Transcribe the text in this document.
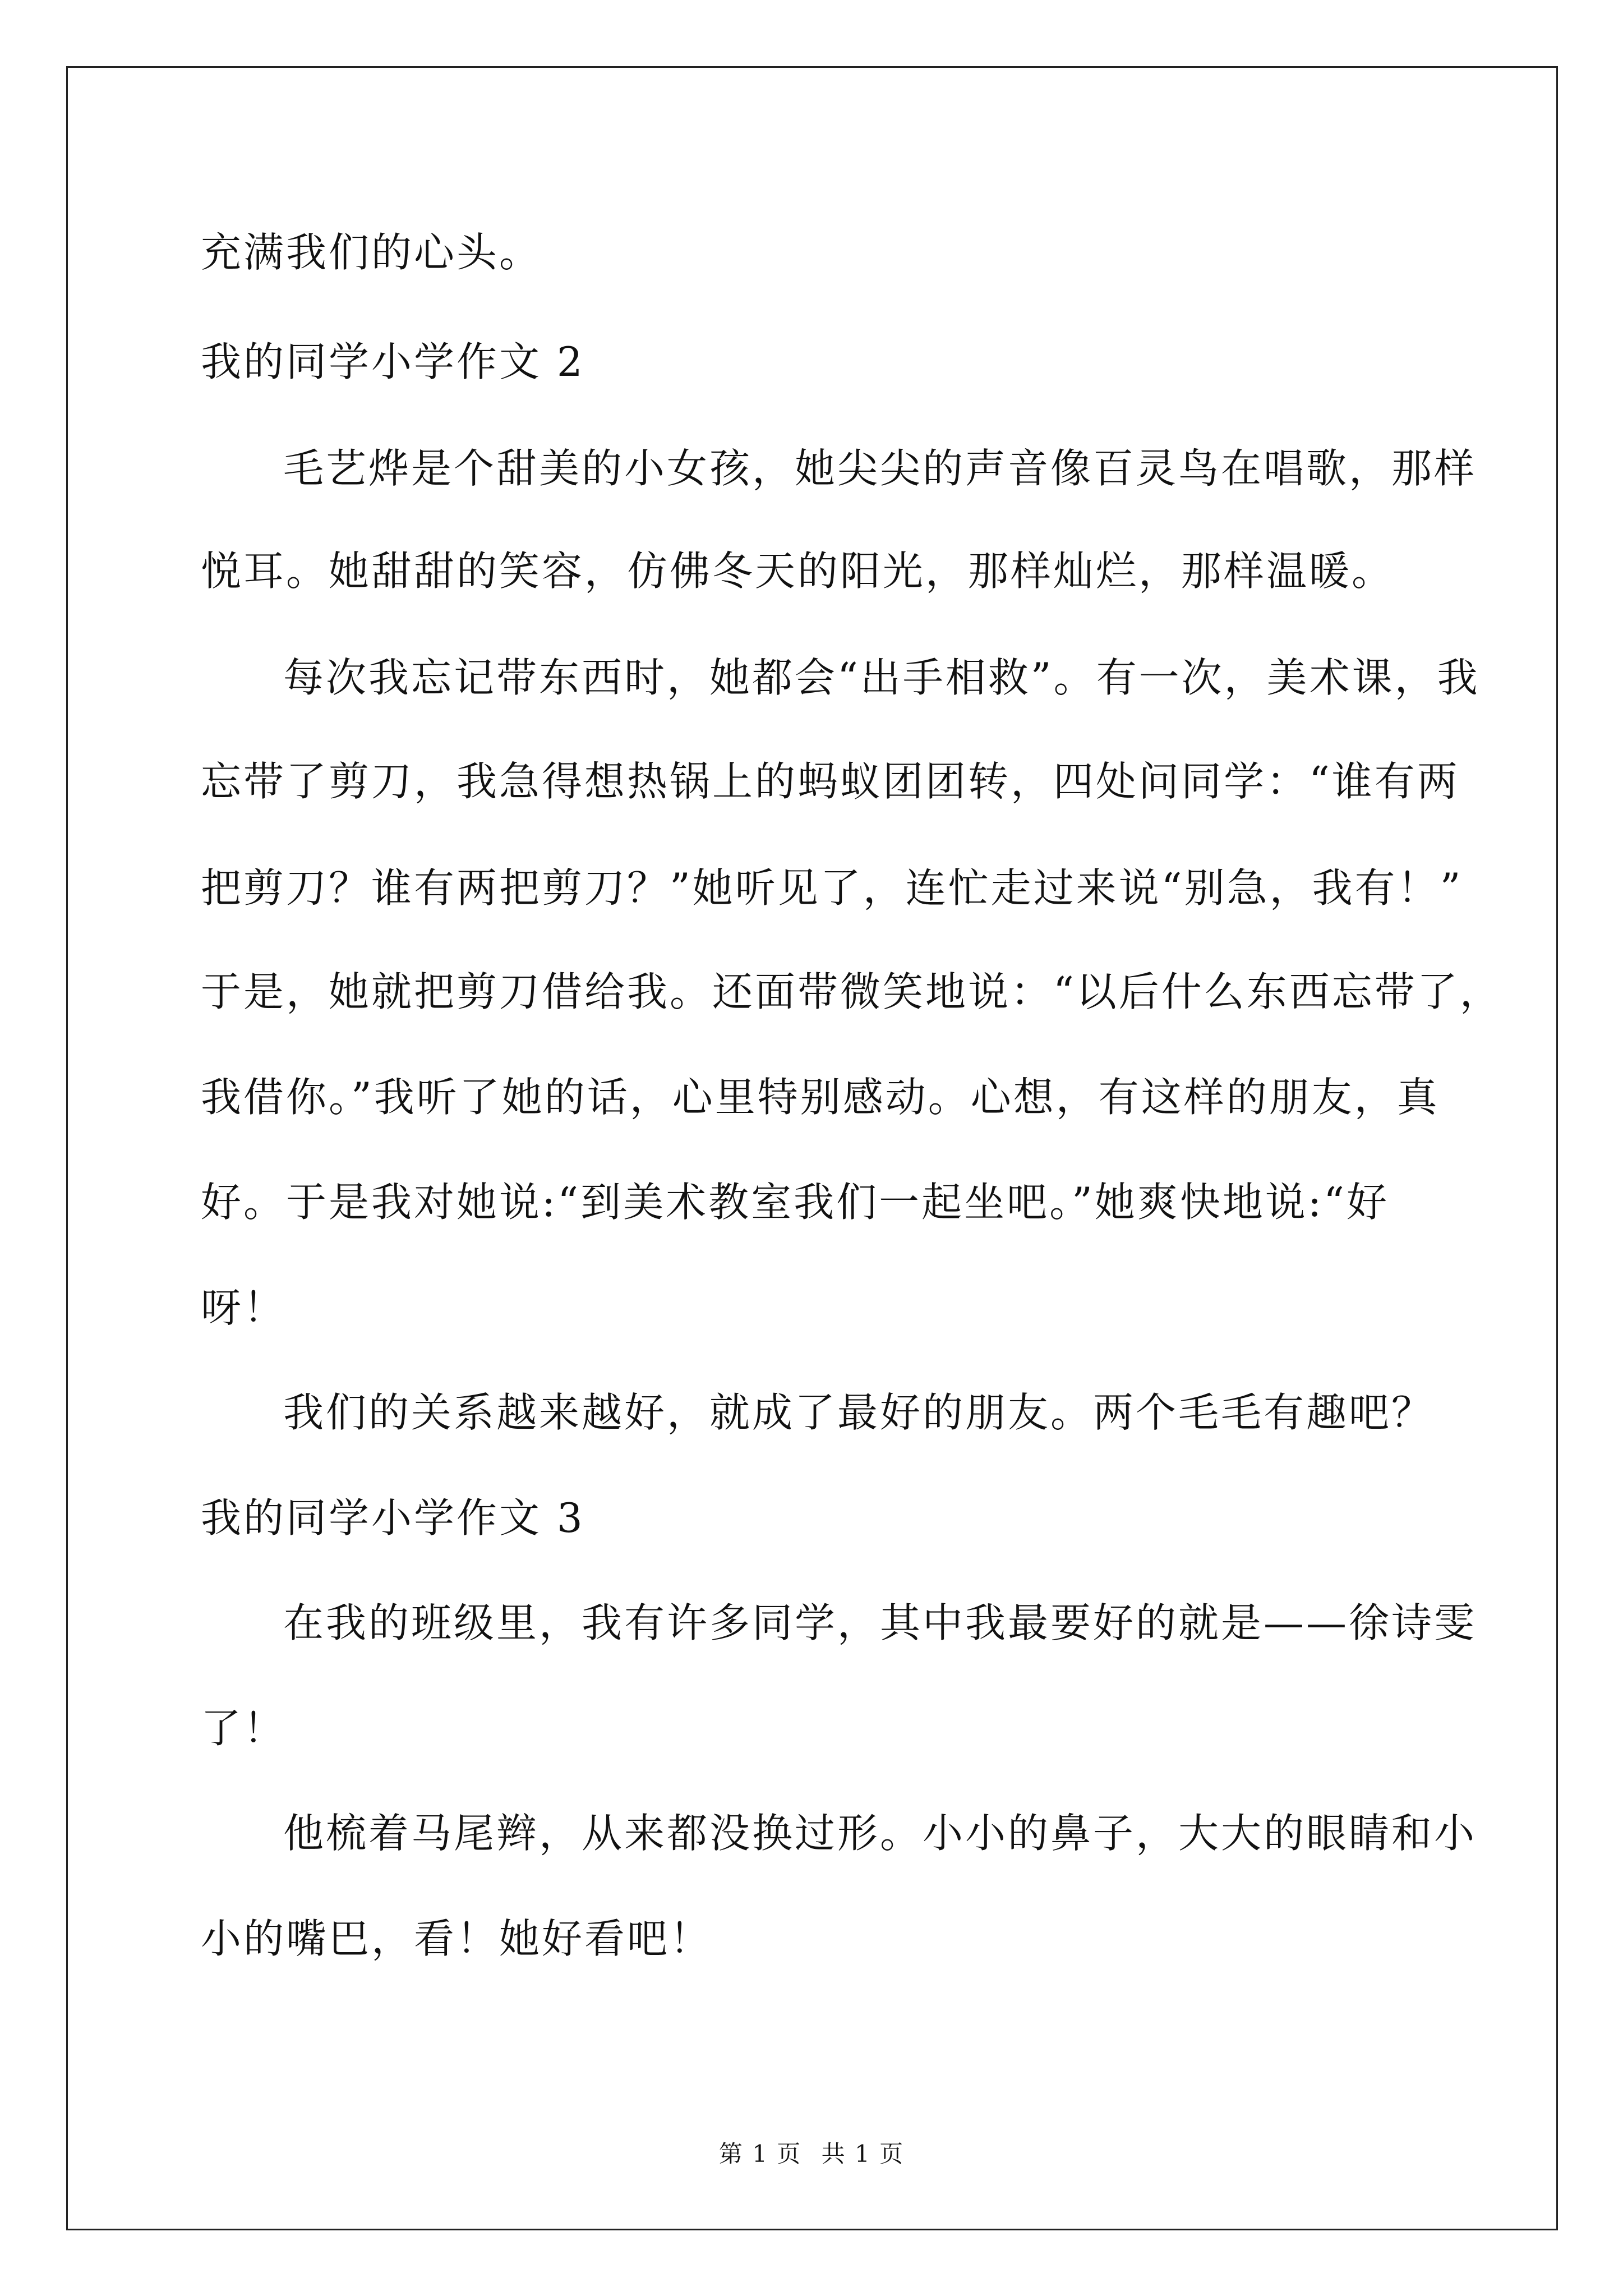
充满我们的心头。
我的同学小学作文 2
毛艺烨是个甜美的小女孩，她尖尖的声音像百灵鸟在唱歌，那样
悦耳。她甜甜的笑容，仿佛冬天的阳光，那样灿烂，那样温暖。
每次我忘记带东西时，她都会“出手相救”。有一次，美术课，我
忘带了剪刀，我急得想热锅上的蚂蚁团团转，四处问同学：“谁有两
把剪刀？谁有两把剪刀？”她听见了，连忙走过来说“别急，我有！”
于是，她就把剪刀借给我。还面带微笑地说：“以后什么东西忘带了，
我借你。”我听了她的话，心里特别感动。心想，有这样的朋友，真
好。于是我对她说:“到美术教室我们一起坐吧。”她爽快地说:“好
呀！
我们的关系越来越好，就成了最好的朋友。两个毛毛有趣吧？
我的同学小学作文 3
在我的班级里，我有许多同学，其中我最要好的就是——徐诗雯
了！
他梳着马尾辫，从来都没换过形。小小的鼻子，大大的眼睛和小
小的嘴巴，看！她好看吧！
第 1 页 共 1 页
